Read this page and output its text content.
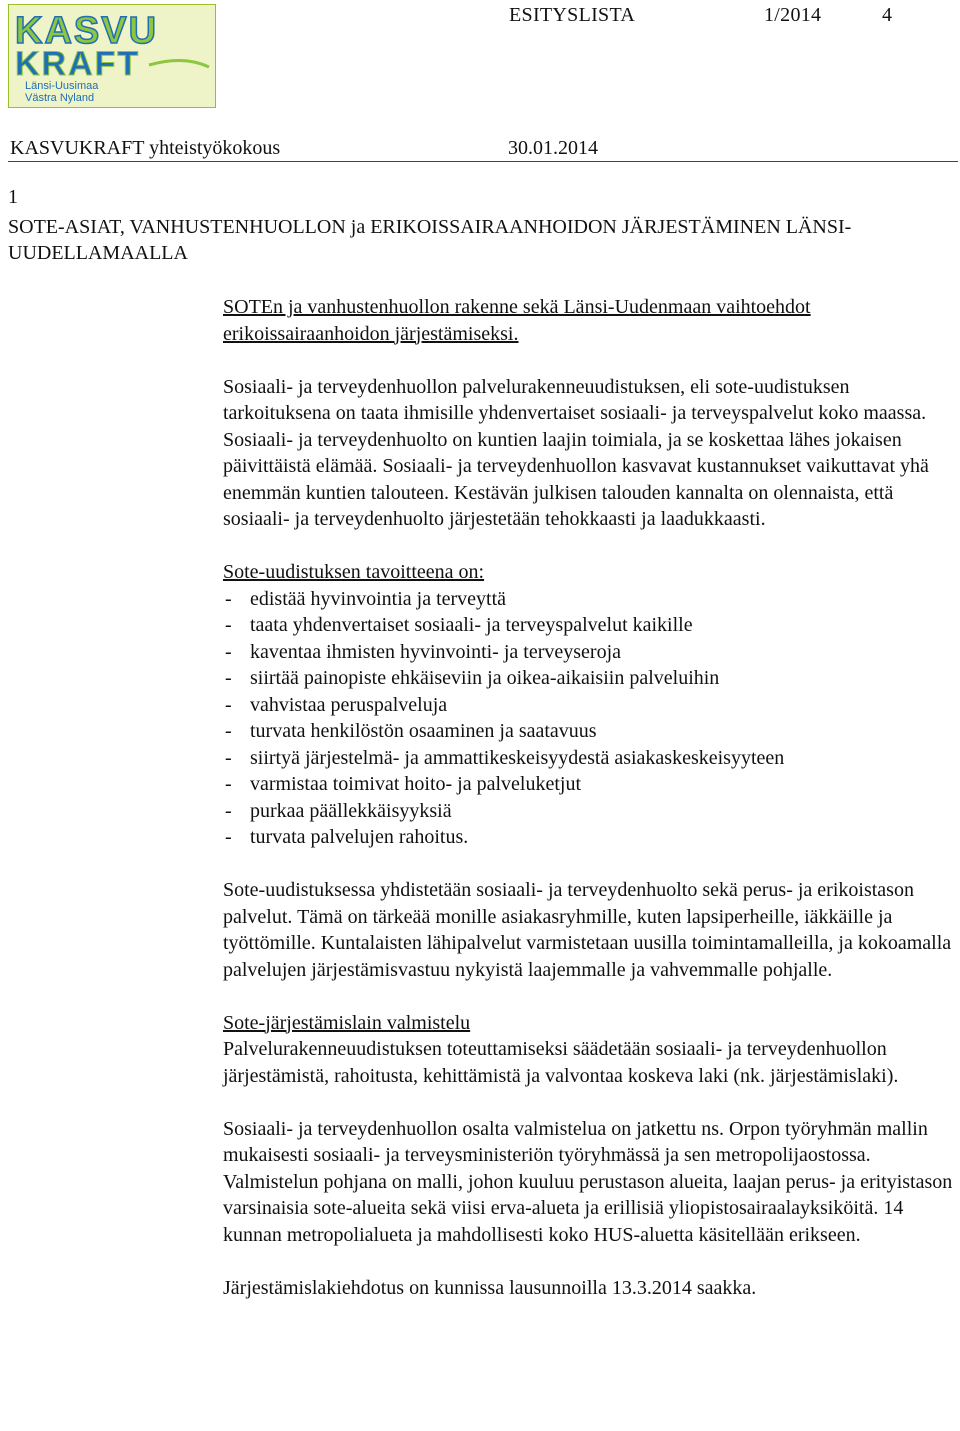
KASVU
KRAFT
Länsi-Uusimaa
Västra Nyland
ESITYSLISTA	1/2014	4
KASVUKRAFT yhteistyökokous	30.01.2014
1
SOTE-ASIAT, VANHUSTENHUOLLON ja ERIKOISSAIRAANHOIDON JÄRJESTÄMINEN LÄNSI-UUDELLAMAALLA

SOTEn ja vanhustenhuollon rakenne sekä Länsi-Uudenmaan vaihtoehdot erikoissairaanhoidon järjestämiseksi.

Sosiaali- ja terveydenhuollon palvelurakenneuudistuksen, eli sote-uudistuksen tarkoituksena on taata ihmisille yhdenvertaiset sosiaali- ja terveyspalvelut koko maassa.

Sosiaali- ja terveydenhuolto on kuntien laajin toimiala, ja se koskettaa lähes jokaisen päivittäistä elämää. Sosiaali- ja terveydenhuollon kasvavat kustannukset vaikuttavat yhä enemmän kuntien talouteen. Kestävän julkisen talouden kannalta on olennaista, että sosiaali- ja terveydenhuolto järjestetään tehokkaasti ja laadukkaasti.

Sote-uudistuksen tavoitteena on:

- edistää hyvinvointia ja terveyttä
- taata yhdenvertaiset sosiaali- ja terveyspalvelut kaikille
- kaventaa ihmisten hyvinvointi- ja terveyseroja
- siirtää painopiste ehkäiseviin ja oikea-aikaisiin palveluihin
- vahvistaa peruspalveluja
- turvata henkilöstön osaaminen ja saatavuus
- siirtyä järjestelmä- ja ammattikeskeisyydestä asiakaskeskeisyyteen
- varmistaa toimivat hoito- ja palveluketjut
- purkaa päällekkäisyyksiä
- turvata palvelujen rahoitus.

Sote-uudistuksessa yhdistetään sosiaali- ja terveydenhuolto sekä perus- ja erikoistason palvelut. Tämä on tärkeää monille asiakasryhmille, kuten lapsiperheille, iäkkäille ja työttömille. Kuntalaisten lähipalvelut varmistetaan uusilla toimintamalleilla, ja kokoamalla palvelujen järjestämisvastuu nykyistä laajemmalle ja vahvemmalle pohjalle.

Sote-järjestämislain valmistelu

Palvelurakenneuudistuksen toteuttamiseksi säädetään sosiaali- ja terveydenhuollon järjestämistä, rahoitusta, kehittämistä ja valvontaa koskeva laki (nk. järjestämislaki).

Sosiaali- ja terveydenhuollon osalta valmistelua on jatkettu ns. Orpon työryhmän mallin mukaisesti sosiaali- ja terveysministeriön työryhmässä ja sen metropolijaostossa. Valmistelun pohjana on malli, johon kuuluu perustason alueita, laajan perus- ja erityistason varsinaisia sote-alueita sekä viisi erva-alueta ja erillisiä yliopistosairaalayksiköitä. 14 kunnan metropolialueta ja mahdollisesti koko HUS-aluetta käsitellään erikseen.

Järjestämislakiehdotus on kunnissa lausunnoilla 13.3.2014 saakka.
